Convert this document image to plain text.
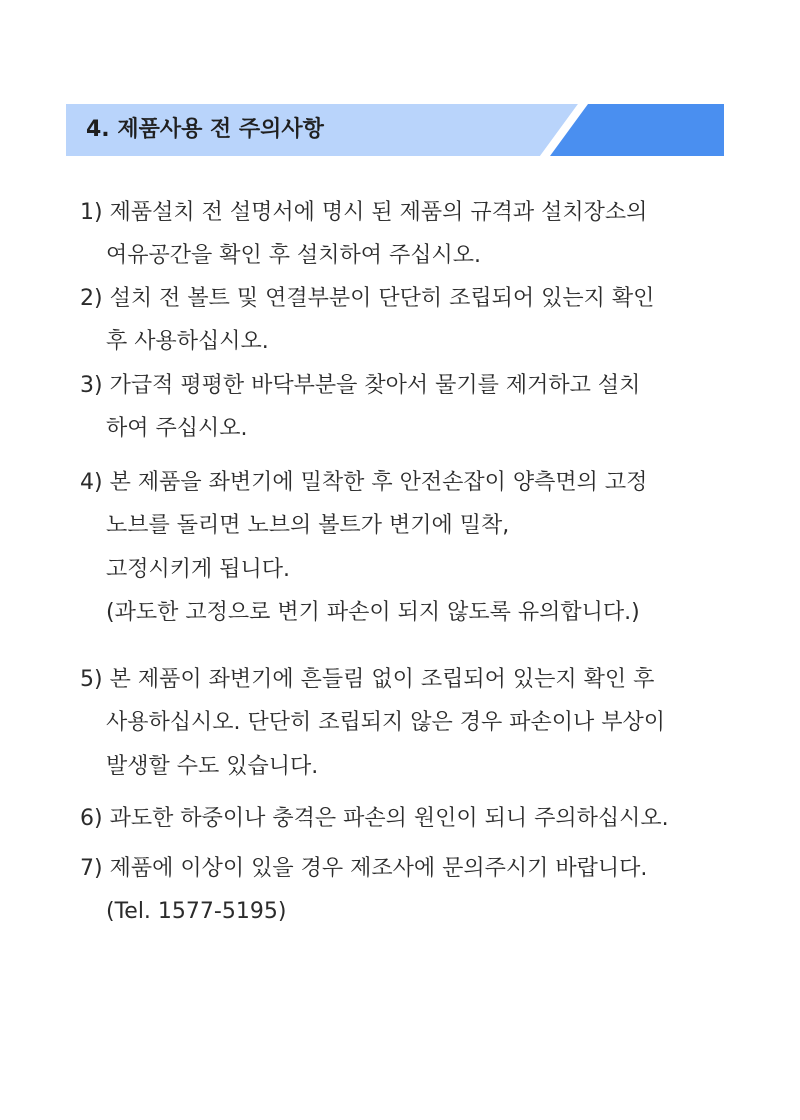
4. 제품사용 전 주의사항
1) 제품설치 전 설명서에 명시 된 제품의 규격과 설치장소의
여유공간을 확인 후 설치하여 주십시오.
2) 설치 전 볼트 및 연결부분이 단단히 조립되어 있는지 확인
후 사용하십시오.
3) 가급적 평평한 바닥부분을 찾아서 물기를 제거하고 설치
하여 주십시오.
4) 본 제품을 좌변기에 밀착한 후 안전손잡이 양측면의 고정
노브를 돌리면 노브의 볼트가 변기에 밀착,
고정시키게 됩니다.
(과도한 고정으로 변기 파손이 되지 않도록 유의합니다.)
5) 본 제품이 좌변기에 흔들림 없이 조립되어 있는지 확인 후
사용하십시오. 단단히 조립되지 않은 경우 파손이나 부상이
발생할 수도 있습니다.
6) 과도한 하중이나 충격은 파손의 원인이 되니 주의하십시오.
7) 제품에 이상이 있을 경우 제조사에 문의주시기 바랍니다.
(Tel. 1577-5195)
